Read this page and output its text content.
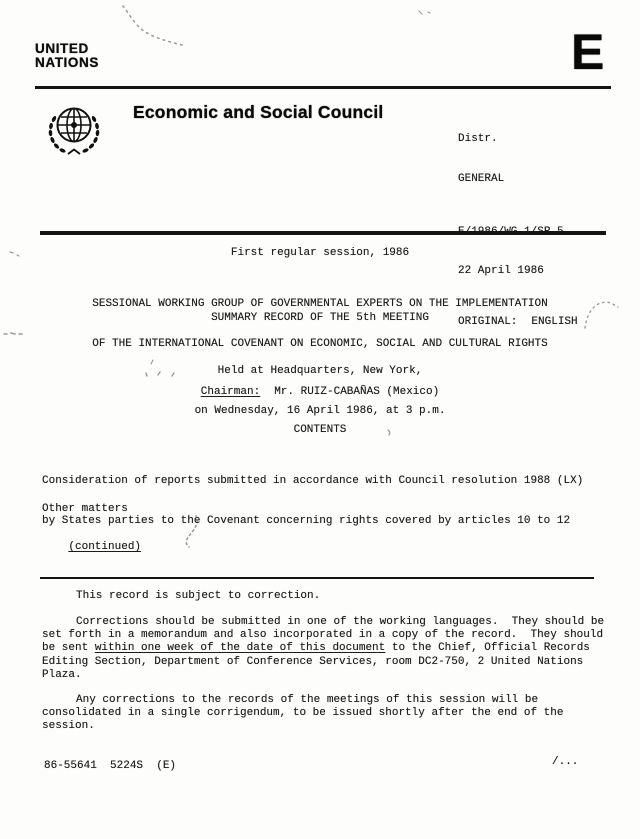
UNITED
NATIONS	E
Economic and Social Council

Distr.

GENERAL

22 April 1986

ORIGINAL: ENGLISH

First regular session, 1986

SESSIONAL WORKING GROUP OF GOVERNMENTAL EXPERTS ON THE IMPLEMENTATION

OF THE INTERNATIONAL COVENANT ON ECONOMIC, SOCIAL AND CULTURAL RIGHTS

SUMMARY RECORD OF THE 5th MEETING

Held at Headquarters, New York,

on Wednesday, 16 April 1986, at 3 p.m.

Chairman: Mr. RUIZ-CABAÑAS (Mexico)
CONTENTS

Consideration of reports submitted in accordance with Council resolution 1988 (LX)

by States parties to the Covenant concerning rights covered by articles 10 to 12

(continued)

Other matters
This record is subject to correction.
Corrections should be submitted in one of the working languages.  They should be set forth in a memorandum and also incorporated in a copy of the record.  They should be sent within one week of the date of this document to the Chief, Official Records Editing Section, Department of Conference Services, room DC2-750, 2 United Nations Plaza.
Any corrections to the records of the meetings of this session will be consolidated in a single corrigendum, to be issued shortly after the end of the session.
86-55641  5224S  (E)	/...
